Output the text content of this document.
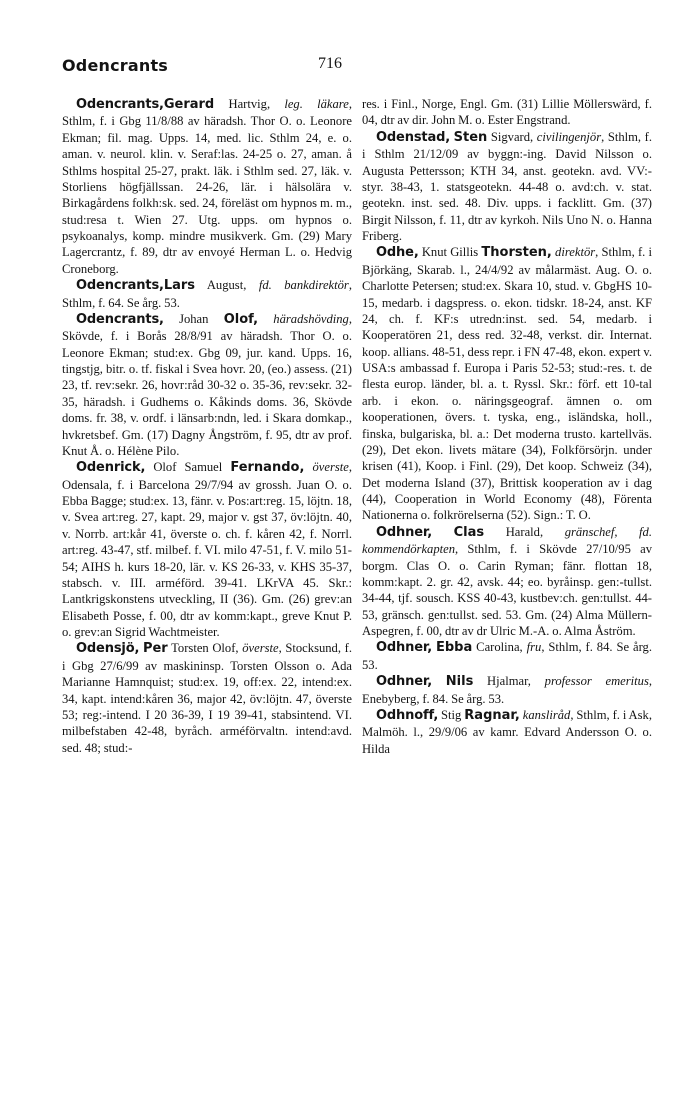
Odencrants	716

Odencrants,Gerard Hartvig, leg. läkare, Sthlm, f. i Gbg 11/8/88 av häradsh. Thor O. o. Leonore Ekman; fil. mag. Upps. 14, med. lic. Sthlm 24, e. o. aman. v. neurol. klin. v. Seraf:las. 24-25 o. 27, aman. å Sthlms hospital 25-27, prakt. läk. i Sthlm sed. 27, läk. v. Storliens högfjällssan. 24-26, lär. i hälsolära v. Birkagårdens folkh:sk. sed. 24, föreläst om hypnos m. m., stud:resa t. Wien 27. Utg. upps. om hypnos o. psykoanalys, komp. mindre musikverk. Gm. (29) Mary Lagercrantz, f. 89, dtr av envoyé Herman L. o. Hedvig Croneborg.

Odencrants,Lars August, fd. bankdirektör, Sthlm, f. 64. Se årg. 53.

Odencrants, Johan Olof, häradshövding, Skövde, f. i Borås 28/8/91 av häradsh. Thor O. o. Leonore Ekman; stud:ex. Gbg 09, jur. kand. Upps. 16, tingstjg, bitr. o. tf. fiskal i Svea hovr. 20, (eo.) assess. (21) 23, tf. rev:sekr. 26, hovr:råd 30-32 o. 35-36, rev:sekr. 32-35, häradsh. i Gudhems o. Kåkinds doms. 36, Skövde doms. fr. 38, v. ordf. i länsarb:ndn, led. i Skara domkap., hvkretsbef. Gm. (17) Dagny Ångström, f. 95, dtr av prof. Knut Å. o. Hélène Pilo.

Odenrick, Olof Samuel Fernando, överste, Odensala, f. i Barcelona 29/7/94 av grossh. Juan O. o. Ebba Bagge; stud:ex. 13, fänr. v. Pos:art:reg. 15, löjtn. 18, v. Svea art:reg. 27, kapt. 29, major v. gst 37, öv:löjtn. 40, v. Norrb. art:kår 41, överste o. ch. f. kåren 42, f. Norrl. art:reg. 43-47, stf. milbef. f. VI. milo 47-51, f. V. milo 51-54; AIHS h. kurs 18-20, lär. v. KS 26-33, v. KHS 35-37, stabsch. v. III. arméförd. 39-41. LKrVA 45. Skr.: Lantkrigskonstens utveckling, II (36). Gm. (26) grev:an Elisabeth Posse, f. 00, dtr av komm:kapt., greve Knut P. o. grev:an Sigrid Wachtmeister.

Odensjö, Per Torsten Olof, överste, Stocksund, f. i Gbg 27/6/99 av maskininsp. Torsten Olsson o. Ada Marianne Hamnquist; stud:ex. 19, off:ex. 22, intend:ex. 34, kapt. intend:kåren 36, major 42, öv:löjtn. 47, överste 53; reg:-intend. I 20 36-39, I 19 39-41, stabsintend. VI. milbefstaben 42-48, byråch. arméförvaltn. intend:avd. sed. 48; stud:-

res. i Finl., Norge, Engl. Gm. (31) Lillie Möllerswärd, f. 04, dtr av dir. John M. o. Ester Engstrand.

Odenstad, Sten Sigvard, civilingenjör, Sthlm, f. i Sthlm 21/12/09 av byggn:-ing. David Nilsson o. Augusta Pettersson; KTH 34, anst. geotekn. avd. VV:-styr. 38-43, 1. statsgeotekn. 44-48 o. avd:ch. v. stat. geotekn. inst. sed. 48. Div. upps. i facklitt. Gm. (37) Birgit Nilsson, f. 11, dtr av kyrkoh. Nils Uno N. o. Hanna Friberg.

Odhe, Knut Gillis Thorsten, direktör, Sthlm, f. i Björkäng, Skarab. l., 24/4/92 av målarmäst. Aug. O. o. Charlotte Petersen; stud:ex. Skara 10, stud. v. GbgHS 10-15, medarb. i dagspress. o. ekon. tidskr. 18-24, anst. KF 24, ch. f. KF:s utredn:inst. sed. 54, medarb. i Kooperatören 21, dess red. 32-48, verkst. dir. Internat. koop. allians. 48-51, dess repr. i FN 47-48, ekon. expert v. USA:s ambassad f. Europa i Paris 52-53; stud:-res. t. de flesta europ. länder, bl. a. t. Ryssl. Skr.: förf. ett 10-tal arb. i ekon. o. näringsgeograf. ämnen o. om kooperationen, övers. t. tyska, eng., isländska, holl., finska, bulgariska, bl. a.: Det moderna trusto. kartellväs. (29), Det ekon. livets mätare (34), Folkförsörjn. under krisen (41), Koop. i Finl. (29), Det koop. Schweiz (34), Det moderna Island (37), Brittisk kooperation av i dag (44), Cooperation in World Economy (48), Förenta Nationerna o. folkrörelserna (52). Sign.: T. O.

Odhner, Clas Harald, gränschef, fd. kommendörkapten, Sthlm, f. i Skövde 27/10/95 av borgm. Clas O. o. Carin Ryman; fänr. flottan 18, komm:kapt. 2. gr. 42, avsk. 44; eo. byråinsp. gen:-tullst. 34-44, tjf. sousch. KSS 40-43, kustbev:ch. gen:tullst. 44-53, gränsch. gen:tullst. sed. 53. Gm. (24) Alma Müllern-Aspegren, f. 00, dtr av dr Ulric M.-A. o. Alma Åström.

Odhner, Ebba Carolina, fru, Sthlm, f. 84. Se årg. 53.

Odhner, Nils Hjalmar, professor emeritus, Enebyberg, f. 84. Se årg. 53.

Odhnoff, Stig Ragnar, kansliråd, Sthlm, f. i Ask, Malmöh. l., 29/9/06 av kamr. Edvard Andersson O. o. Hilda
